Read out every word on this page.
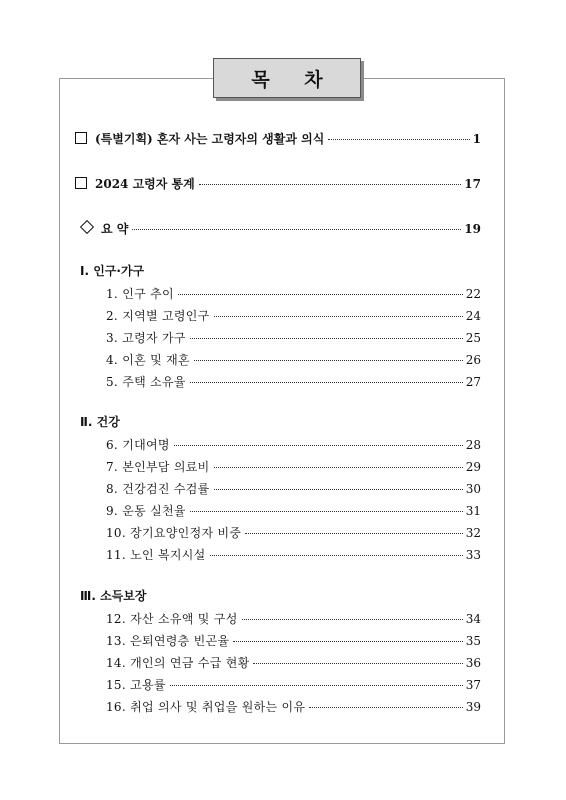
목 차
(특별기획) 혼자 사는 고령자의 생활과 의식	1
2024 고령자 통계	17
요 약	19
Ⅰ. 인구·가구
1. 인구 추이	22
2. 지역별 고령인구	24
3. 고령자 가구	25
4. 이혼 및 재혼	26
5. 주택 소유율	27
Ⅱ. 건강
6. 기대여명	28
7. 본인부담 의료비	29
8. 건강검진 수검률	30
9. 운동 실천율	31
10. 장기요양인정자 비중	32
11. 노인 복지시설	33
Ⅲ. 소득보장
12. 자산 소유액 및 구성	34
13. 은퇴연령층 빈곤율	35
14. 개인의 연금 수급 현황	36
15. 고용률	37
16. 취업 의사 및 취업을 원하는 이유	39
